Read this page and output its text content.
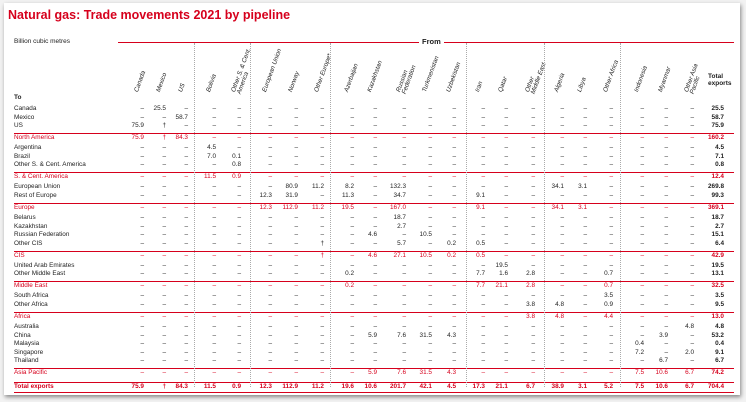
Natural gas: Trade movements 2021 by pipeline
Billion cubic metres	From
To
Canada Mexico US	Bolivia Other S. & Cent.
America	European Union Norway Other Europe* Azerbaijan Kazakhstan Russian
Federation Turkmenistan Uzbekistan Iran Qatar Other
Middle East Algeria Libya Other Africa Indonesia Myanmar Other Asia
Pacific Total
exports
Canada	–	25.5	–	–	–	–	–	–	–	–	–	–	–	–	–	–	–	–	–	–	–	–	25.5
Mexico	–	–	58.7	–	–	–	–	–	–	–	–	–	–	–	–	–	–	–	–	–	–	–	58.7
US	75.9	†	–	–	–	–	–	–	–	–	–	–	–	–	–	–	–	–	–	–	–	–	75.9
North America	75.9	†	84.3	–	–	–	–	–	–	–	–	–	–	–	–	–	–	–	–	–	–	–	160.2
Argentina	–	–	–	4.5	–	–	–	–	–	–	–	–	–	–	–	–	–	–	–	–	–	–	4.5
Brazil	–	–	–	7.0	0.1	–	–	–	–	–	–	–	–	–	–	–	–	–	–	–	–	–	7.1
Other S. & Cent. America	–	–	–	–	0.8	–	–	–	–	–	–	–	–	–	–	–	–	–	–	–	–	–	0.8
S. & Cent. America	–	–	–	11.5	0.9	–	–	–	–	–	–	–	–	–	–	–	–	–	–	–	–	–	12.4
European Union	–	–	–	–	–	–	80.9	11.2	8.2	–	132.3	–	–	–	–	–	34.1	3.1	–	–	–	–	269.8
Rest of Europe	–	–	–	–	–	12.3	31.9	–	11.3	–	34.7	–	–	9.1	–	–	–	–	–	–	–	–	99.3
Europe	–	–	–	–	–	12.3	112.9	11.2	19.5	–	167.0	–	–	9.1	–	–	34.1	3.1	–	–	–	–	369.1
Belarus	–	–	–	–	–	–	–	–	–	–	18.7	–	–	–	–	–	–	–	–	–	–	–	18.7
Kazakhstan	–	–	–	–	–	–	–	–	–	–	2.7	–	–	–	–	–	–	–	–	–	–	–	2.7
Russian Federation	–	–	–	–	–	–	–	–	–	4.6	–	10.5	–	–	–	–	–	–	–	–	–	–	15.1
Other CIS	–	–	–	–	–	–	–	†	–	–	5.7	–	0.2	0.5	–	–	–	–	–	–	–	–	6.4
CIS	–	–	–	–	–	–	–	†	–	4.6	27.1	10.5	0.2	0.5	–	–	–	–	–	–	–	–	42.9
United Arab Emirates	–	–	–	–	–	–	–	–	–	–	–	–	–	–	19.5	–	–	–	–	–	–	–	19.5
Other Middle East	–	–	–	–	–	–	–	–	0.2	–	–	–	–	7.7	1.6	2.8	–	–	0.7	–	–	–	13.1
Middle East	–	–	–	–	–	–	–	–	0.2	–	–	–	–	7.7	21.1	2.8	–	–	0.7	–	–	–	32.5
South Africa	–	–	–	–	–	–	–	–	–	–	–	–	–	–	–	–	–	–	3.5	–	–	–	3.5
Other Africa	–	–	–	–	–	–	–	–	–	–	–	–	–	–	–	3.8	4.8	–	0.9	–	–	–	9.5
Africa	–	–	–	–	–	–	–	–	–	–	–	–	–	–	–	3.8	4.8	–	4.4	–	–	–	13.0
Australia	–	–	–	–	–	–	–	–	–	–	–	–	–	–	–	–	–	–	–	–	–	4.8	4.8
China	–	–	–	–	–	–	–	–	–	5.9	7.6	31.5	4.3	–	–	–	–	–	–	–	3.9	–	53.2
Malaysia	–	–	–	–	–	–	–	–	–	–	–	–	–	–	–	–	–	–	–	0.4	–	–	0.4
Singapore	–	–	–	–	–	–	–	–	–	–	–	–	–	–	–	–	–	–	–	7.2	–	2.0	9.1
Thailand	–	–	–	–	–	–	–	–	–	–	–	–	–	–	–	–	–	–	–	–	6.7	–	6.7
Asia Pacific	–	–	–	–	–	–	–	–	–	5.9	7.6	31.5	4.3	–	–	–	–	–	–	7.5	10.6	6.7	74.2
Total exports	75.9	†	84.3	11.5	0.9	12.3	112.9	11.2	19.6	10.6	201.7	42.1	4.5	17.3	21.1	6.7	38.9	3.1	5.2	7.5	10.6	6.7	704.4
